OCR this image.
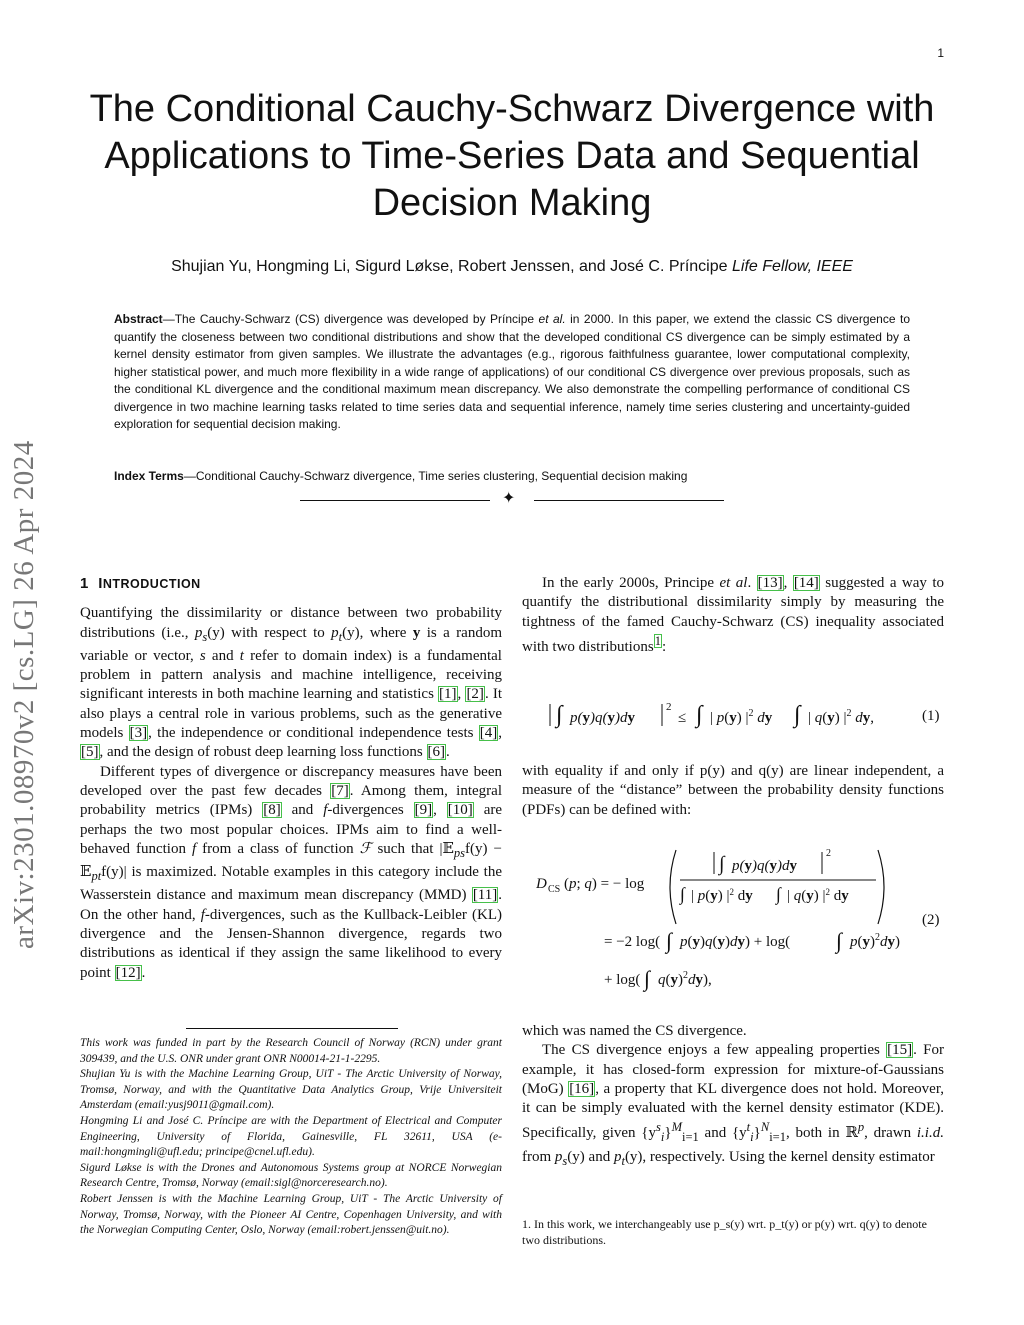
1
arXiv:2301.08970v2 [cs.LG] 26 Apr 2024
The Conditional Cauchy-Schwarz Divergence with Applications to Time-Series Data and Sequential Decision Making
Shujian Yu, Hongming Li, Sigurd Løkse, Robert Jenssen, and José C. Príncipe Life Fellow, IEEE
Abstract—The Cauchy-Schwarz (CS) divergence was developed by Príncipe et al. in 2000. In this paper, we extend the classic CS divergence to quantify the closeness between two conditional distributions and show that the developed conditional CS divergence can be simply estimated by a kernel density estimator from given samples. We illustrate the advantages (e.g., rigorous faithfulness guarantee, lower computational complexity, higher statistical power, and much more flexibility in a wide range of applications) of our conditional CS divergence over previous proposals, such as the conditional KL divergence and the conditional maximum mean discrepancy. We also demonstrate the compelling performance of conditional CS divergence in two machine learning tasks related to time series data and sequential inference, namely time series clustering and uncertainty-guided exploration for sequential decision making.
Index Terms—Conditional Cauchy-Schwarz divergence, Time series clustering, Sequential decision making
✦
1 INTRODUCTION

Quantifying the dissimilarity or distance between two probability distributions (i.e., $p_s(y)$ with respect to $p_t(y)$, where y is a random variable or vector, s and t refer to domain index) is a fundamental problem in pattern analysis and machine intelligence, receiving significant interests in both machine learning and statistics [1], [2]. It also plays a central role in various problems, such as the generative models [3], the independence or conditional independence tests [4], [5], and the design of robust deep learning loss functions [6].

Different types of divergence or discrepancy measures have been developed over the past few decades [7]. Among them, integral probability metrics (IPMs) [8] and f-divergences [9], [10] are perhaps the two most popular choices. IPMs aim to find a well-behaved function f from a class of function ℱ such that |𝔼$_{ps}$f(y) − 𝔼$_{pt}$f(y)| is maximized. Notable examples in this category include the Wasserstein distance and maximum mean discrepancy (MMD) [11]. On the other hand, f-divergences, such as the Kullback-Leibler (KL) divergence and the Jensen-Shannon divergence, regards two distributions as identical if they assign the same likelihood to every point [12].

This work was funded in part by the Research Council of Norway (RCN) under grant 309439, and the U.S. ONR under grant ONR N00014-21-1-2295.

Shujian Yu is with the Machine Learning Group, UiT - The Arctic University of Norway, Tromsø, Norway, and with the Quantitative Data Analytics Group, Vrije Universiteit Amsterdam (email:yusj9011@gmail.com).

Hongming Li and José C. Príncipe are with the Department of Electrical and Computer Engineering, University of Florida, Gainesville, FL 32611, USA (e-mail:hongmingli@ufl.edu; principe@cnel.ufl.edu).

Sigurd Løkse is with the Drones and Autonomous Systems group at NORCE Norwegian Research Centre, Tromsø, Norway (email:sigl@norceresearch.no).

Robert Jenssen is with the Machine Learning Group, UiT - The Arctic University of Norway, Tromsø, Norway, with the Pioneer AI Centre, Copenhagen University, and with the Norwegian Computing Center, Oslo, Norway (email:robert.jenssen@uit.no).

In the early 2000s, Principe et al. [13], [14] suggested a way to quantify the distributional dissimilarity simply by measuring the tightness of the famed Cauchy-Schwarz (CS) inequality associated with two distributions$^1$:

∫ p(y)q(y)dy
2
≤ ∫ | p(y) $|^2$ dy ∫ | q(y) $|^2$ dy,	(1)

with equality if and only if p(y) and q(y) are linear independent, a measure of the “distance” between the probability density functions (PDFs) can be defined with:

D CS (p; q) = − log
∫ p(y)q(y)dy
2
∫ | p(y) $|^2$ dy ∫ | q(y) $|^2$ dy
= −2 log( ∫ p(y)q(y)dy) + log( ∫ $p(y)^2dy$)
+ log( ∫ $q(y)^2dy$),
(2)

which was named the CS divergence.

The CS divergence enjoys a few appealing properties [15]. For example, it has closed-form expression for mixture-of-Gaussians (MoG) [16], a property that KL divergence does not hold. Moreover, it can be simply evaluated with the kernel density estimator (KDE). Specifically, given $\{y^s_i\}^M_{i=1}$ and $\{y^t_i\}^N_{i=1}$, both in ℝ$^p$, drawn i.i.d. from $p_s(y)$ and $p_t(y)$, respectively. Using the kernel density estimator

1. In this work, we interchangeably use p_s(y) wrt. p_t(y) or p(y) wrt. q(y) to denote two distributions.
